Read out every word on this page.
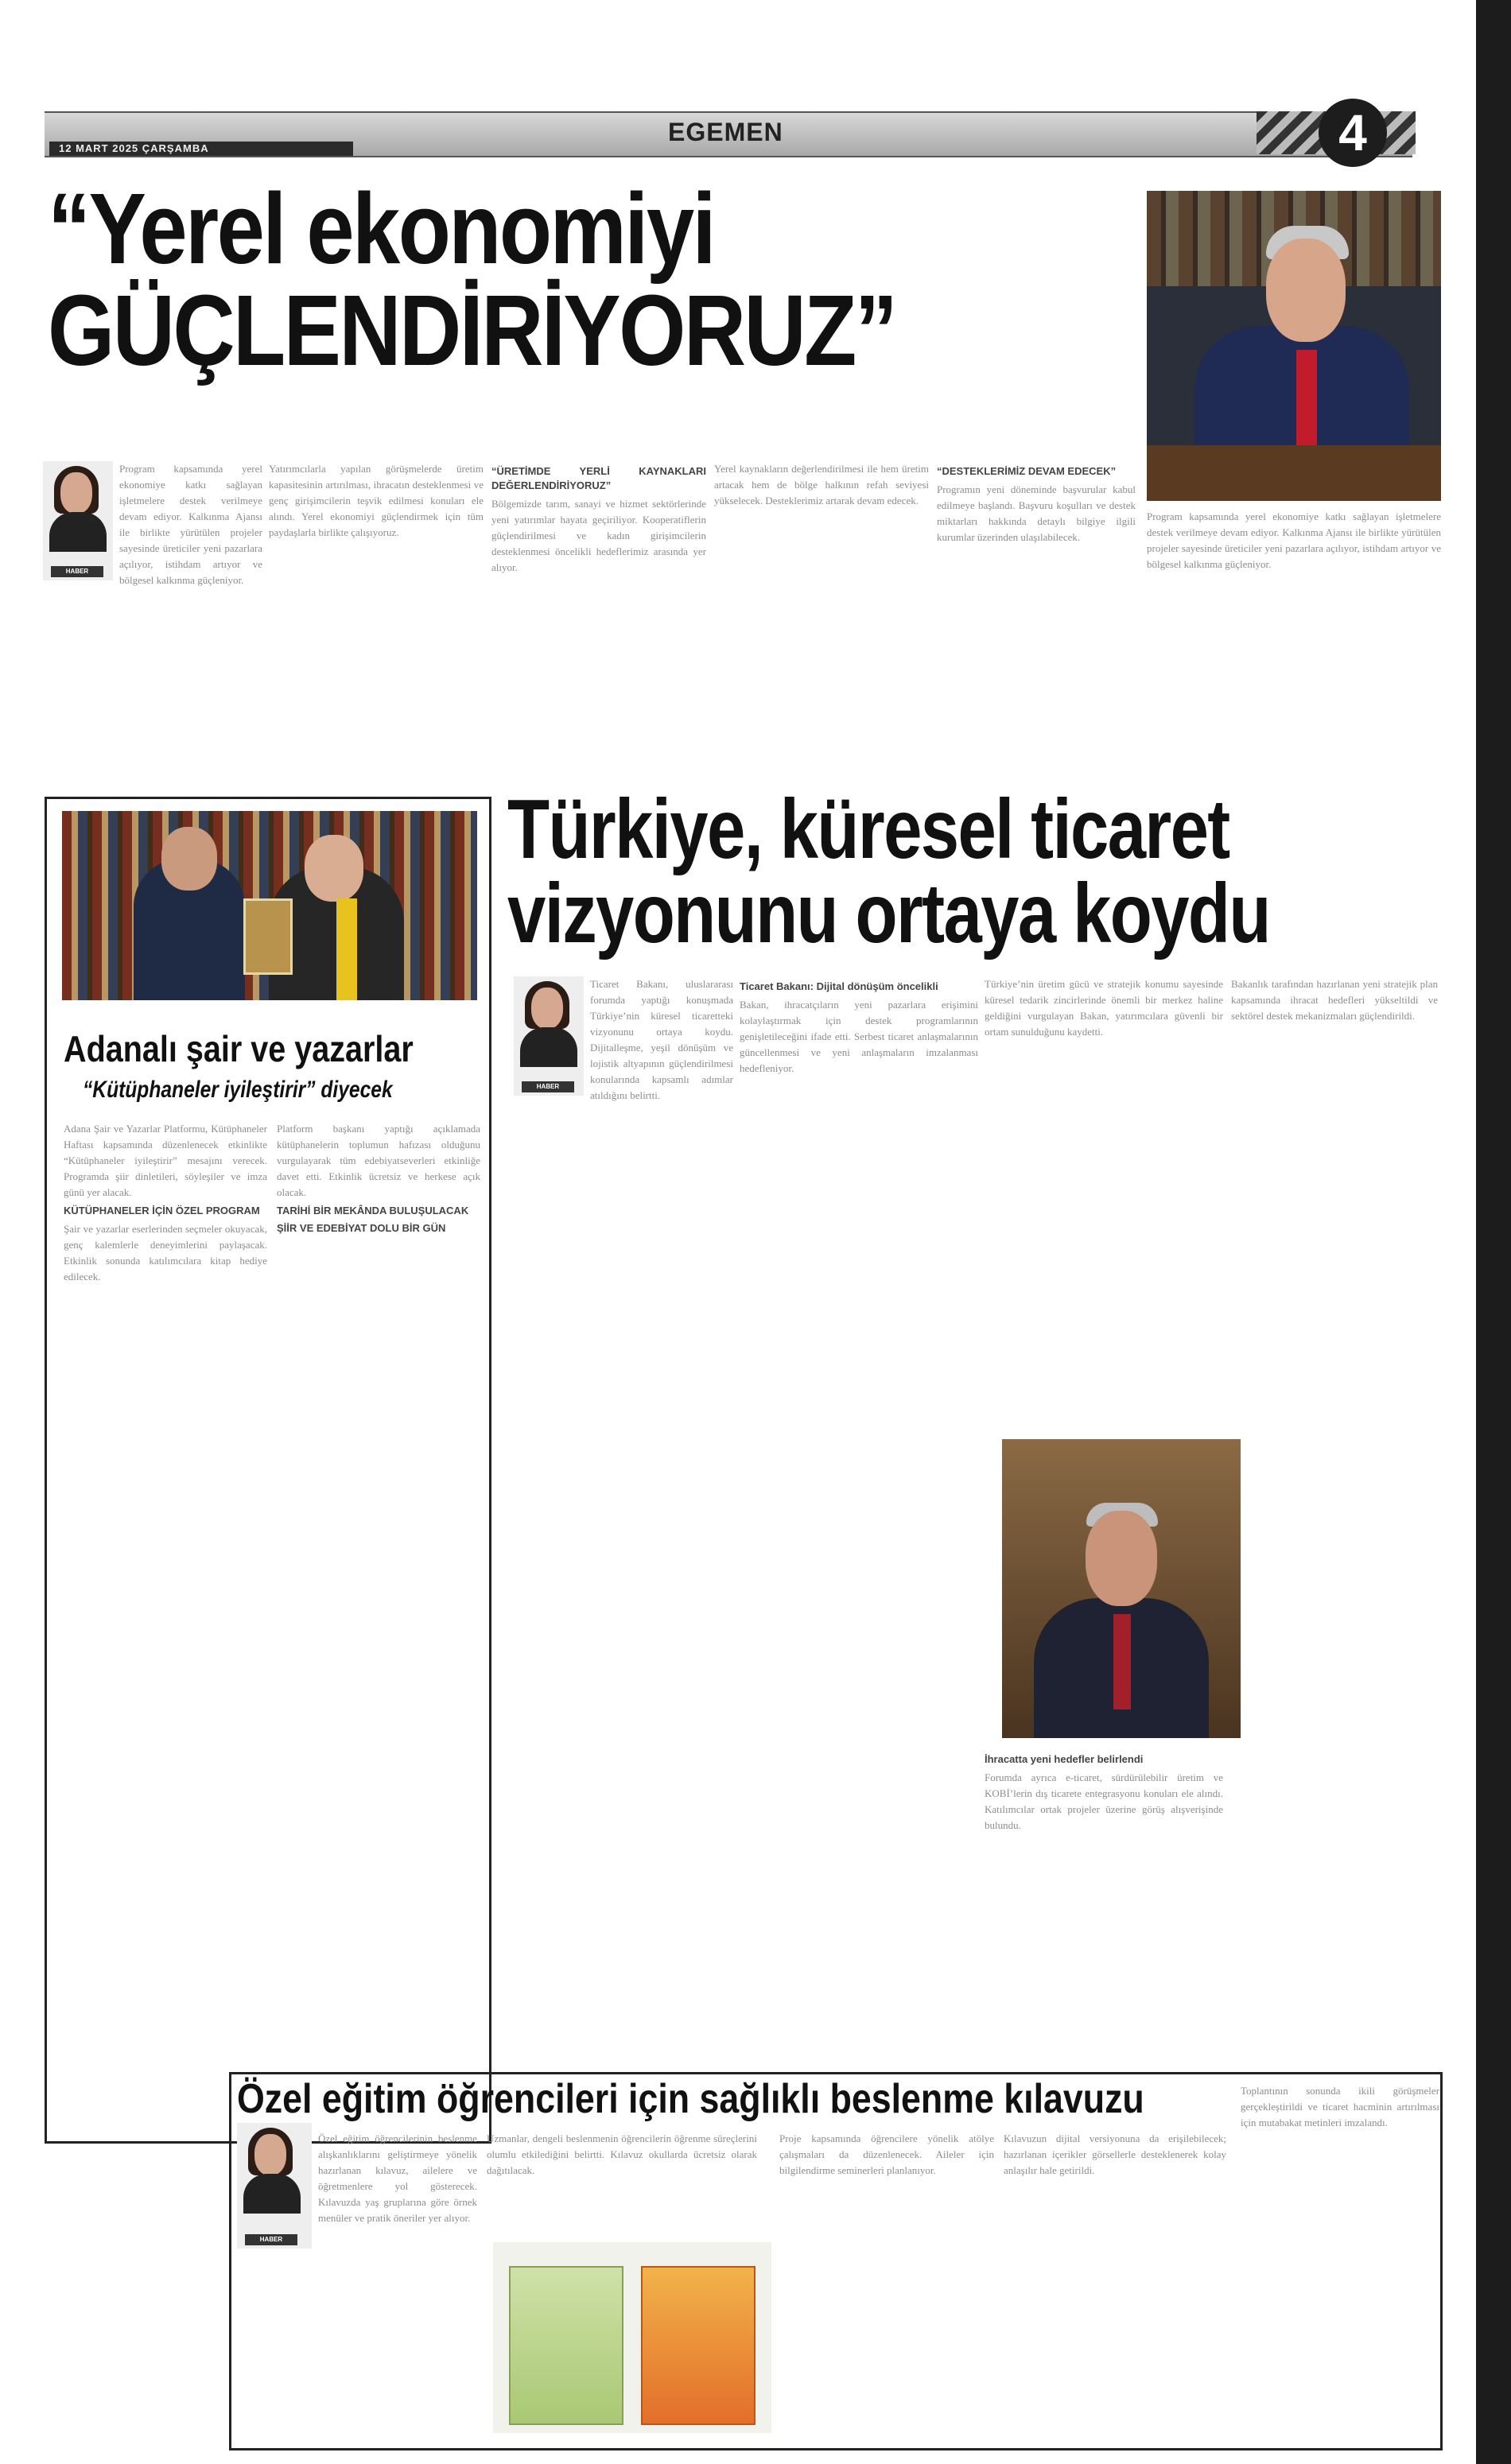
12 MART 2025 ÇARŞAMBA
EGEMEN	4
“Yerel ekonomiyi
GÜÇLENDİRİYORUZ”
HABER
Program kapsamında yerel ekonomiye katkı sağlayan işletmelere destek verilmeye devam ediyor. Kalkınma Ajansı ile birlikte yürütülen projeler sayesinde üreticiler yeni pazarlara açılıyor, istihdam artıyor ve bölgesel kalkınma güçleniyor.
Yatırımcılarla yapılan görüşmelerde üretim kapasitesinin artırılması, ihracatın desteklenmesi ve genç girişimcilerin teşvik edilmesi konuları ele alındı. Yerel ekonomiyi güçlendirmek için tüm paydaşlarla birlikte çalışıyoruz.
“ÜRETİMDE YERLİ KAYNAKLARI DEĞERLENDİRİYORUZ”
Bölgemizde tarım, sanayi ve hizmet sektörlerinde yeni yatırımlar hayata geçiriliyor. Kooperatiflerin güçlendirilmesi ve kadın girişimcilerin desteklenmesi öncelikli hedeflerimiz arasında yer alıyor.
Yerel kaynakların değerlendirilmesi ile hem üretim artacak hem de bölge halkının refah seviyesi yükselecek. Desteklerimiz artarak devam edecek.
“DESTEKLERİMİZ DEVAM EDECEK”
Programın yeni döneminde başvurular kabul edilmeye başlandı. Başvuru koşulları ve destek miktarları hakkında detaylı bilgiye ilgili kurumlar üzerinden ulaşılabilecek.
Program kapsamında yerel ekonomiye katkı sağlayan işletmelere destek verilmeye devam ediyor. Kalkınma Ajansı ile birlikte yürütülen projeler sayesinde üreticiler yeni pazarlara açılıyor, istihdam artıyor ve bölgesel kalkınma güçleniyor.
Adanalı şair ve yazarlar
“Kütüphaneler iyileştirir” diyecek
Adana Şair ve Yazarlar Platformu, Kütüphaneler Haftası kapsamında düzenlenecek etkinlikte “Kütüphaneler iyileştirir” mesajını verecek. Programda şiir dinletileri, söyleşiler ve imza günü yer alacak.
KÜTÜPHANELER İÇİN ÖZEL PROGRAM
Şair ve yazarlar eserlerinden seçmeler okuyacak, genç kalemlerle deneyimlerini paylaşacak. Etkinlik sonunda katılımcılara kitap hediye edilecek.
Platform başkanı yaptığı açıklamada kütüphanelerin toplumun hafızası olduğunu vurgulayarak tüm edebiyatseverleri etkinliğe davet etti. Etkinlik ücretsiz ve herkese açık olacak.
TARİHİ BİR MEKÂNDA BULUŞULACAK
ŞİİR VE EDEBİYAT DOLU BİR GÜN
Türkiye, küresel ticaret
vizyonunu ortaya koydu
HABER
Ticaret Bakanı, uluslararası forumda yaptığı konuşmada Türkiye’nin küresel ticaretteki vizyonunu ortaya koydu. Dijitalleşme, yeşil dönüşüm ve lojistik altyapının güçlendirilmesi konularında kapsamlı adımlar atıldığını belirtti.
Ticaret Bakanı: Dijital dönüşüm öncelikli
Bakan, ihracatçıların yeni pazarlara erişimini kolaylaştırmak için destek programlarının genişletileceğini ifade etti. Serbest ticaret anlaşmalarının güncellenmesi ve yeni anlaşmaların imzalanması hedefleniyor.
Türkiye’nin üretim gücü ve stratejik konumu sayesinde küresel tedarik zincirlerinde önemli bir merkez haline geldiğini vurgulayan Bakan, yatırımcılara güvenli bir ortam sunulduğunu kaydetti.
İhracatta yeni hedefler belirlendi
Forumda ayrıca e-ticaret, sürdürülebilir üretim ve KOBİ’lerin dış ticarete entegrasyonu konuları ele alındı. Katılımcılar ortak projeler üzerine görüş alışverişinde bulundu.
Bakanlık tarafından hazırlanan yeni stratejik plan kapsamında ihracat hedefleri yükseltildi ve sektörel destek mekanizmaları güçlendirildi.
Toplantının sonunda ikili görüşmeler gerçekleştirildi ve ticaret hacminin artırılması için mutabakat metinleri imzalandı.
Özel eğitim öğrencileri için sağlıklı beslenme kılavuzu
HABER
Özel eğitim öğrencilerinin beslenme alışkanlıklarını geliştirmeye yönelik hazırlanan kılavuz, ailelere ve öğretmenlere yol gösterecek. Kılavuzda yaş gruplarına göre örnek menüler ve pratik öneriler yer alıyor.
Uzmanlar, dengeli beslenmenin öğrencilerin öğrenme süreçlerini olumlu etkilediğini belirtti. Kılavuz okullarda ücretsiz olarak dağıtılacak.
Proje kapsamında öğrencilere yönelik atölye çalışmaları da düzenlenecek. Aileler için bilgilendirme seminerleri planlanıyor.
Kılavuzun dijital versiyonuna da erişilebilecek; hazırlanan içerikler görsellerle desteklenerek kolay anlaşılır hale getirildi.
